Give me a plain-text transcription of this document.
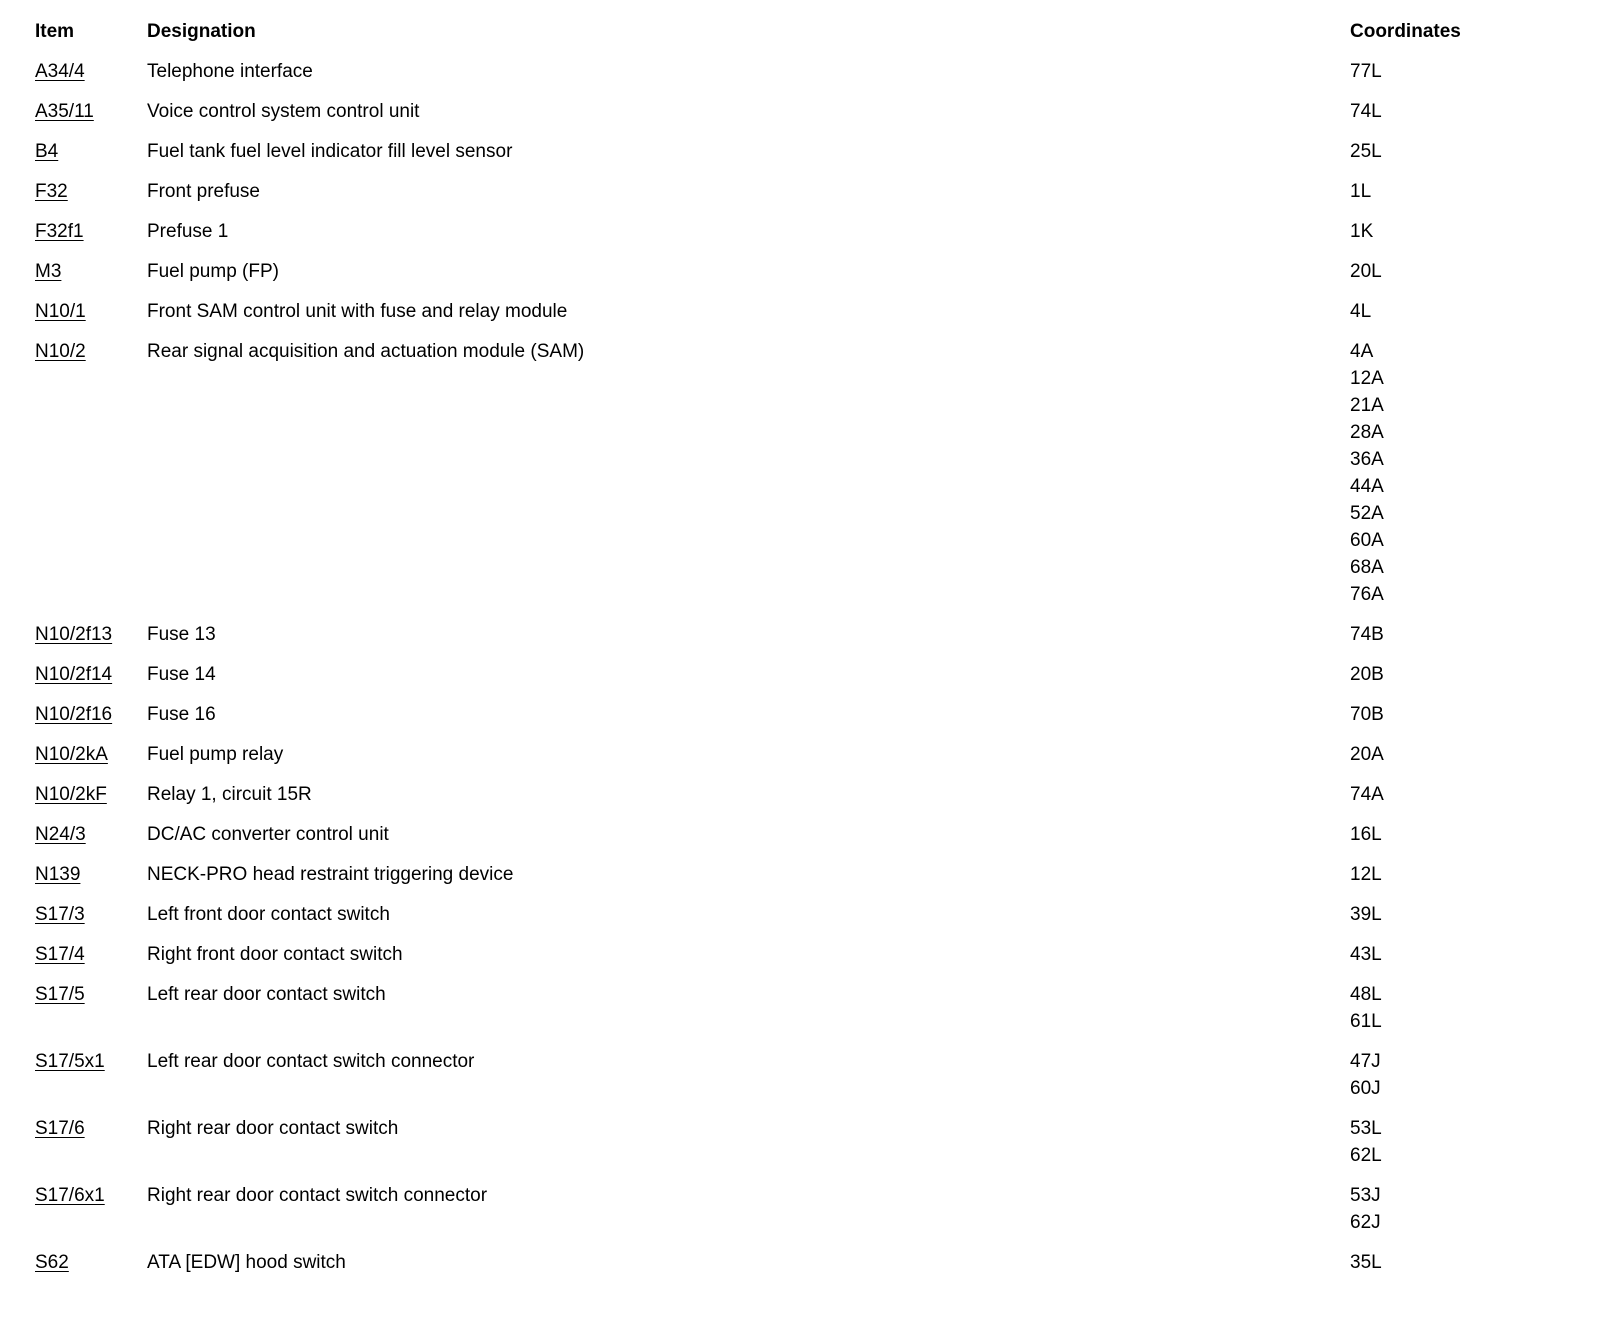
Item	Designation	Coordinates
A34/4	Telephone interface	77L
A35/11	Voice control system control unit	74L
B4	Fuel tank fuel level indicator fill level sensor	25L
F32	Front prefuse	1L
F32f1	Prefuse 1	1K
M3	Fuel pump (FP)	20L
N10/1	Front SAM control unit with fuse and relay module	4L
N10/2	Rear signal acquisition and actuation module (SAM)	4A
12A
21A
28A
36A
44A
52A
60A
68A
76A
N10/2f13	Fuse 13	74B
N10/2f14	Fuse 14	20B
N10/2f16	Fuse 16	70B
N10/2kA	Fuel pump relay	20A
N10/2kF	Relay 1, circuit 15R	74A
N24/3	DC/AC converter control unit	16L
N139	NECK-PRO head restraint triggering device	12L
S17/3	Left front door contact switch	39L
S17/4	Right front door contact switch	43L
S17/5	Left rear door contact switch	48L
61L
S17/5x1	Left rear door contact switch connector	47J
60J
S17/6	Right rear door contact switch	53L
62L
S17/6x1	Right rear door contact switch connector	53J
62J
S62	ATA [EDW] hood switch	35L
